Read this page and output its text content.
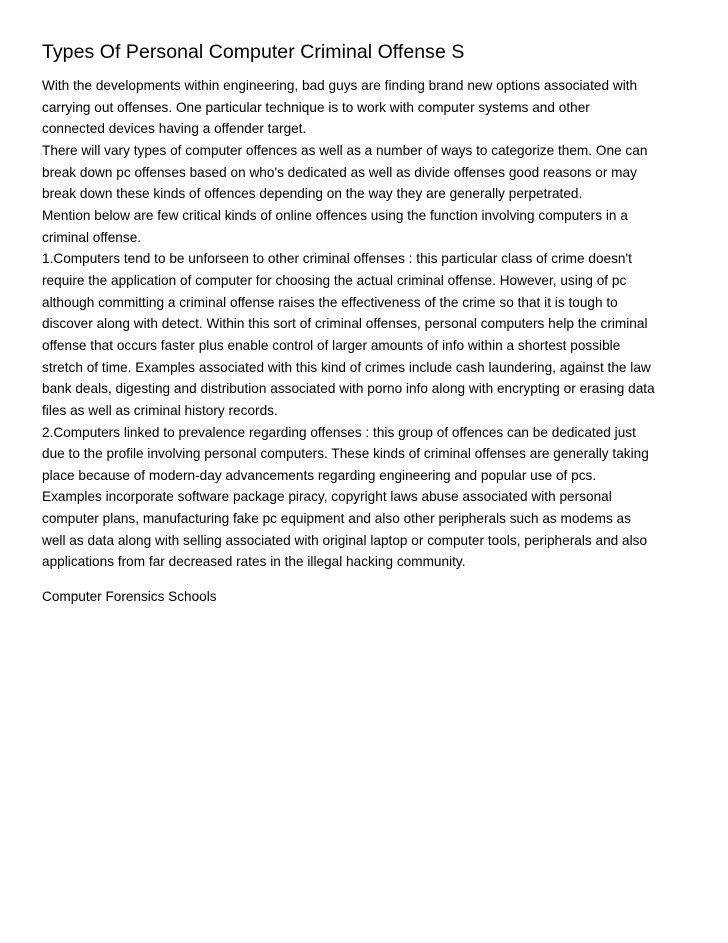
Types Of Personal Computer Criminal Offense S

With the developments within engineering, bad guys are finding brand new options associated with
carrying out offenses. One particular technique is to work with computer systems and other
connected devices having a offender target.

There will vary types of computer offences as well as a number of ways to categorize them. One can
break down pc offenses based on who's dedicated as well as divide offenses good reasons or may
break down these kinds of offences depending on the way they are generally perpetrated.

Mention below are few critical kinds of online offences using the function involving computers in a
criminal offense.

1.Computers tend to be unforseen to other criminal offenses : this particular class of crime doesn't
require the application of computer for choosing the actual criminal offense. However, using of pc
although committing a criminal offense raises the effectiveness of the crime so that it is tough to
discover along with detect. Within this sort of criminal offenses, personal computers help the criminal
offense that occurs faster plus enable control of larger amounts of info within a shortest possible
stretch of time. Examples associated with this kind of crimes include cash laundering, against the law
bank deals, digesting and distribution associated with porno info along with encrypting or erasing data
files as well as criminal history records.

2.Computers linked to prevalence regarding offenses : this group of offences can be dedicated just
due to the profile involving personal computers. These kinds of criminal offenses are generally taking
place because of modern-day advancements regarding engineering and popular use of pcs.
Examples incorporate software package piracy, copyright laws abuse associated with personal
computer plans, manufacturing fake pc equipment and also other peripherals such as modems as
well as data along with selling associated with original laptop or computer tools, peripherals and also
applications from far decreased rates in the illegal hacking community.

Computer Forensics Schools
